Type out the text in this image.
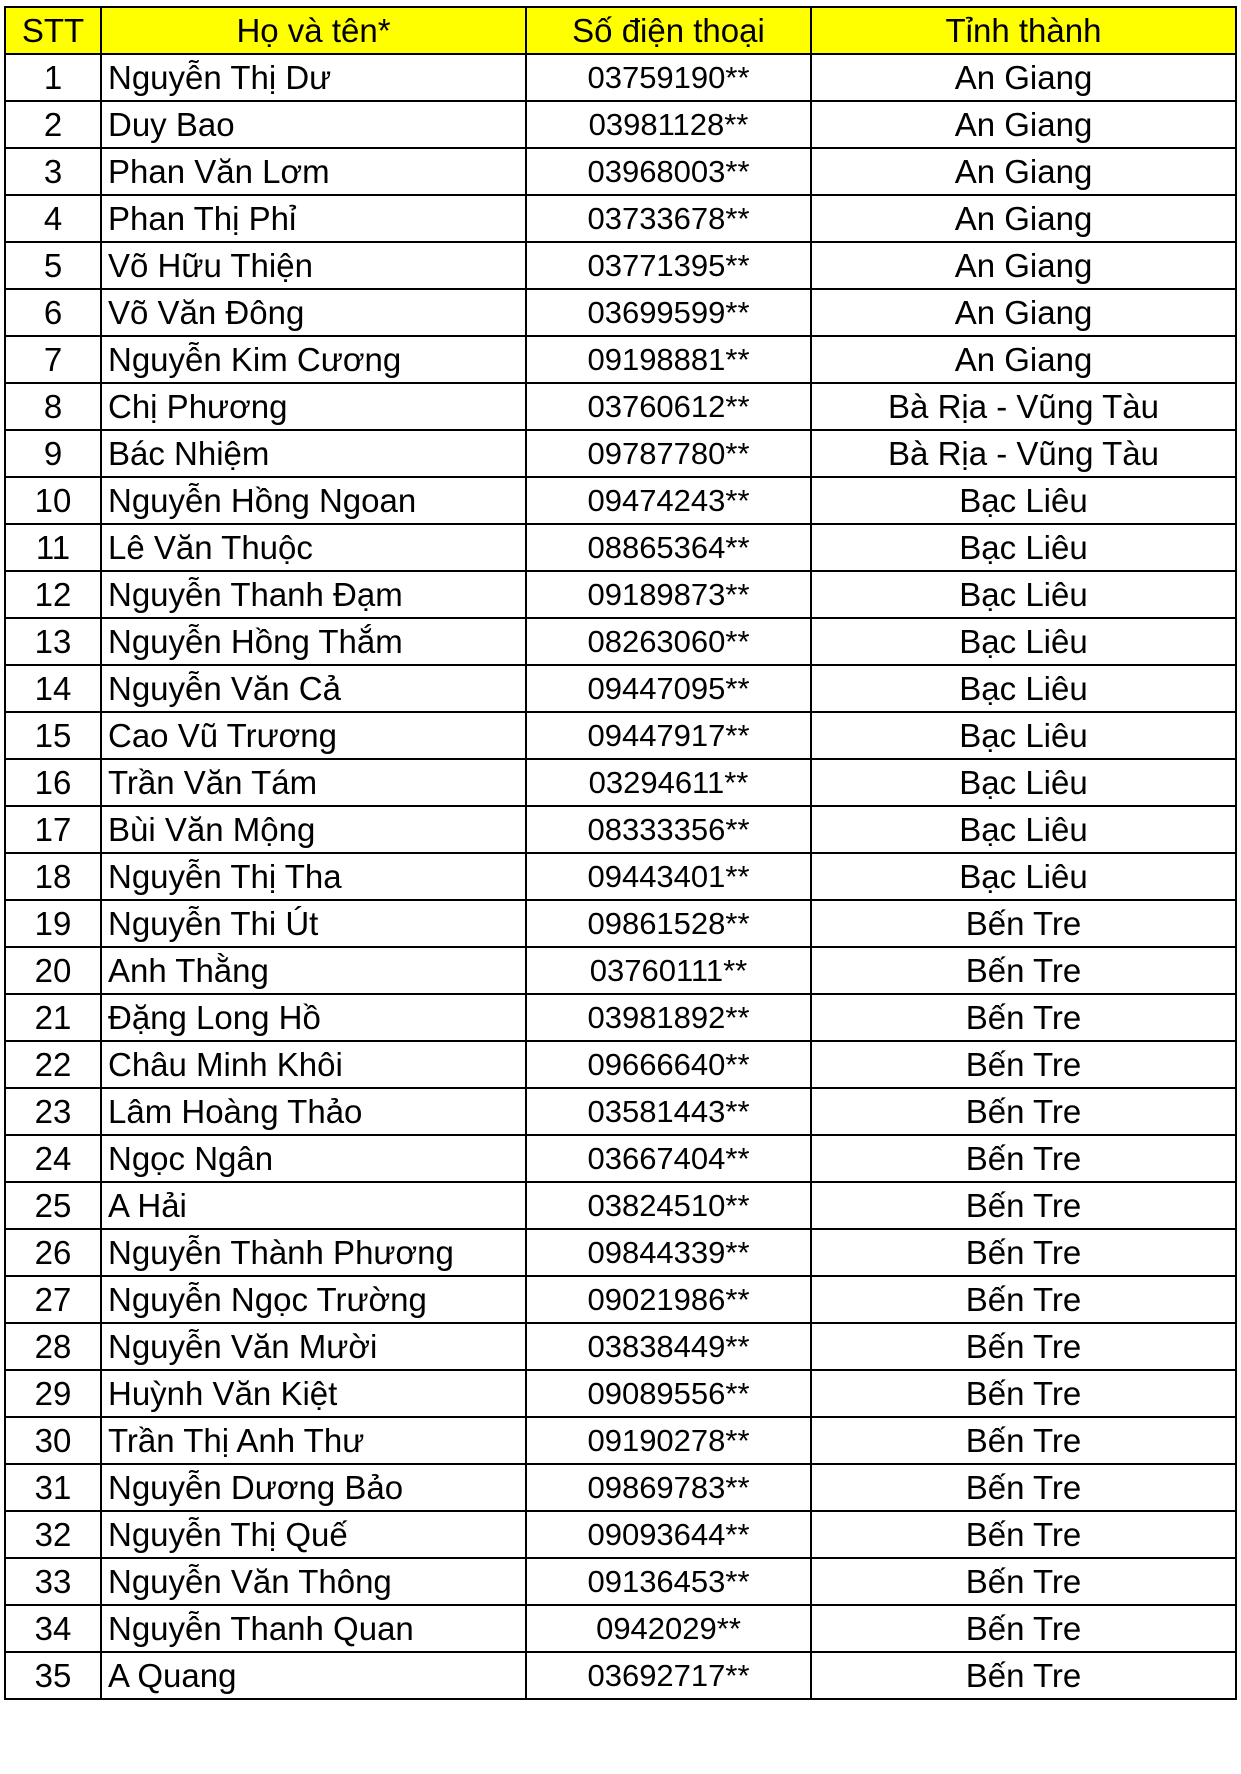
STT	Họ và tên*	Số điện thoại	Tỉnh thành
1	Nguyễn Thị Dư	03759190**	An Giang
2	Duy Bao	03981128**	An Giang
3	Phan Văn Lơm	03968003**	An Giang
4	Phan Thị Phỉ	03733678**	An Giang
5	Võ Hữu Thiện	03771395**	An Giang
6	Võ Văn Đông	03699599**	An Giang
7	Nguyễn Kim Cương	09198881**	An Giang
8	Chị Phương	03760612**	Bà Rịa - Vũng Tàu
9	Bác Nhiệm	09787780**	Bà Rịa - Vũng Tàu
10	Nguyễn Hồng Ngoan	09474243**	Bạc Liêu
11	Lê Văn Thuộc	08865364**	Bạc Liêu
12	Nguyễn Thanh Đạm	09189873**	Bạc Liêu
13	Nguyễn Hồng Thắm	08263060**	Bạc Liêu
14	Nguyễn Văn Cả	09447095**	Bạc Liêu
15	Cao Vũ Trương	09447917**	Bạc Liêu
16	Trần Văn Tám	03294611**	Bạc Liêu
17	Bùi Văn Mộng	08333356**	Bạc Liêu
18	Nguyễn Thị Tha	09443401**	Bạc Liêu
19	Nguyễn Thi Út	09861528**	Bến Tre
20	Anh Thằng	03760111**	Bến Tre
21	Đặng Long Hồ	03981892**	Bến Tre
22	Châu Minh Khôi	09666640**	Bến Tre
23	Lâm Hoàng Thảo	03581443**	Bến Tre
24	Ngọc Ngân	03667404**	Bến Tre
25	A Hải	03824510**	Bến Tre
26	Nguyễn Thành Phương	09844339**	Bến Tre
27	Nguyễn Ngọc Trường	09021986**	Bến Tre
28	Nguyễn Văn Mười	03838449**	Bến Tre
29	Huỳnh Văn Kiệt	09089556**	Bến Tre
30	Trần Thị Anh Thư	09190278**	Bến Tre
31	Nguyễn Dương Bảo	09869783**	Bến Tre
32	Nguyễn Thị Quế	09093644**	Bến Tre
33	Nguyễn Văn Thông	09136453**	Bến Tre
34	Nguyễn Thanh Quan	0942029**	Bến Tre
35	A Quang	03692717**	Bến Tre
